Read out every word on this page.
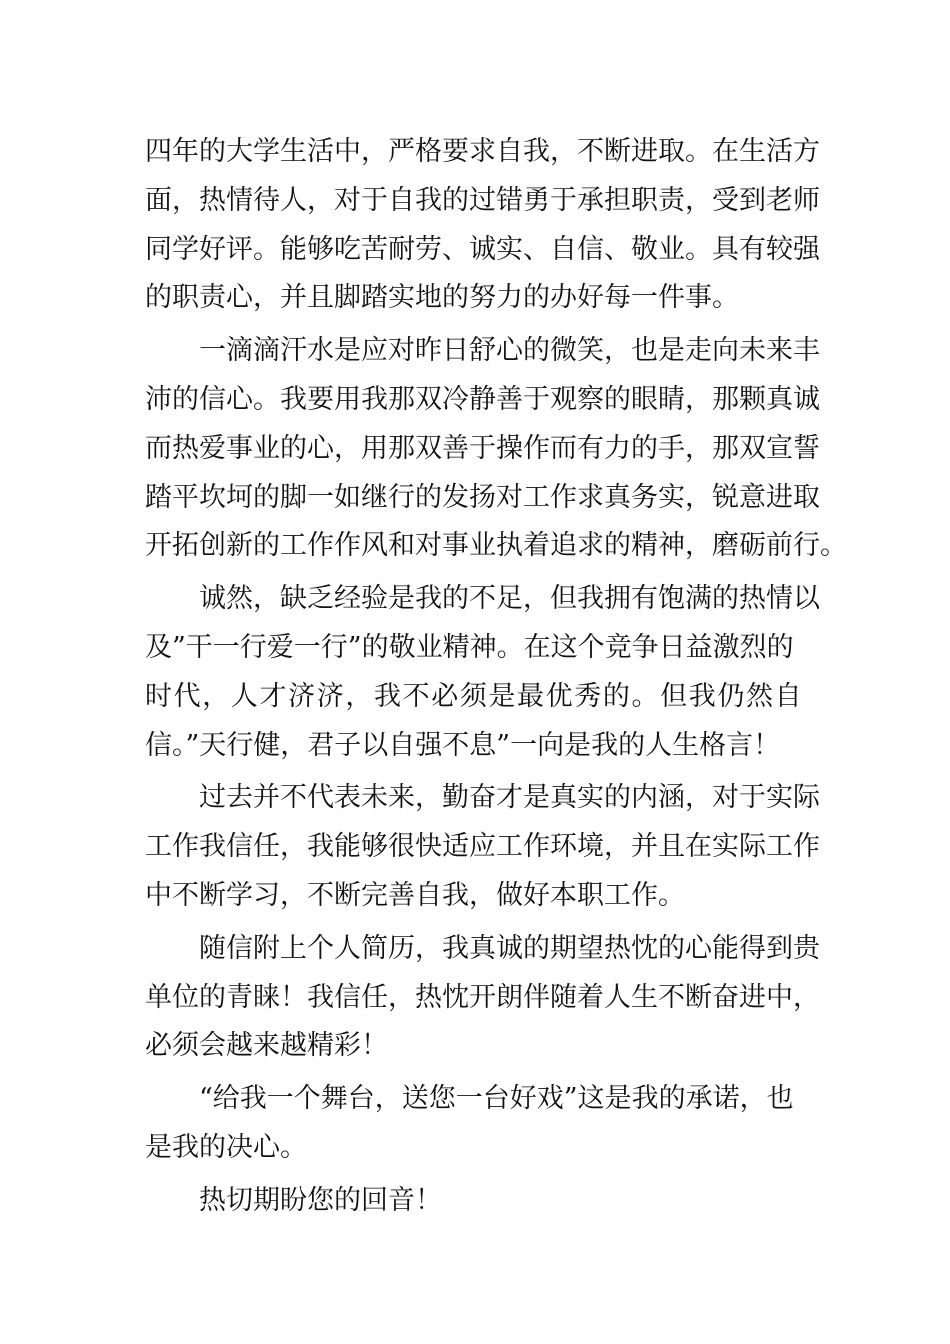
四年的大学生活中，严格要求自我，不断进取。在生活方
面，热情待人，对于自我的过错勇于承担职责，受到老师
同学好评。能够吃苦耐劳、诚实、自信、敬业。具有较强
的职责心，并且脚踏实地的努力的办好每一件事。
一滴滴汗水是应对昨日舒心的微笑，也是走向未来丰
沛的信心。我要用我那双冷静善于观察的眼睛，那颗真诚
而热爱事业的心，用那双善于操作而有力的手，那双宣誓
踏平坎坷的脚一如继行的发扬对工作求真务实，锐意进取
开拓创新的工作作风和对事业执着追求的精神，磨砺前行。
诚然，缺乏经验是我的不足，但我拥有饱满的热情以
及”干一行爱一行”的敬业精神。在这个竞争日益激烈的
时代，人才济济，我不必须是最优秀的。但我仍然自
信。”天行健，君子以自强不息”一向是我的人生格言！
过去并不代表未来，勤奋才是真实的内涵，对于实际
工作我信任，我能够很快适应工作环境，并且在实际工作
中不断学习，不断完善自我，做好本职工作。
随信附上个人简历，我真诚的期望热忱的心能得到贵
单位的青睐！我信任，热忱开朗伴随着人生不断奋进中，
必须会越来越精彩！
“给我一个舞台，送您一台好戏”这是我的承诺，也
是我的决心。
热切期盼您的回音！
